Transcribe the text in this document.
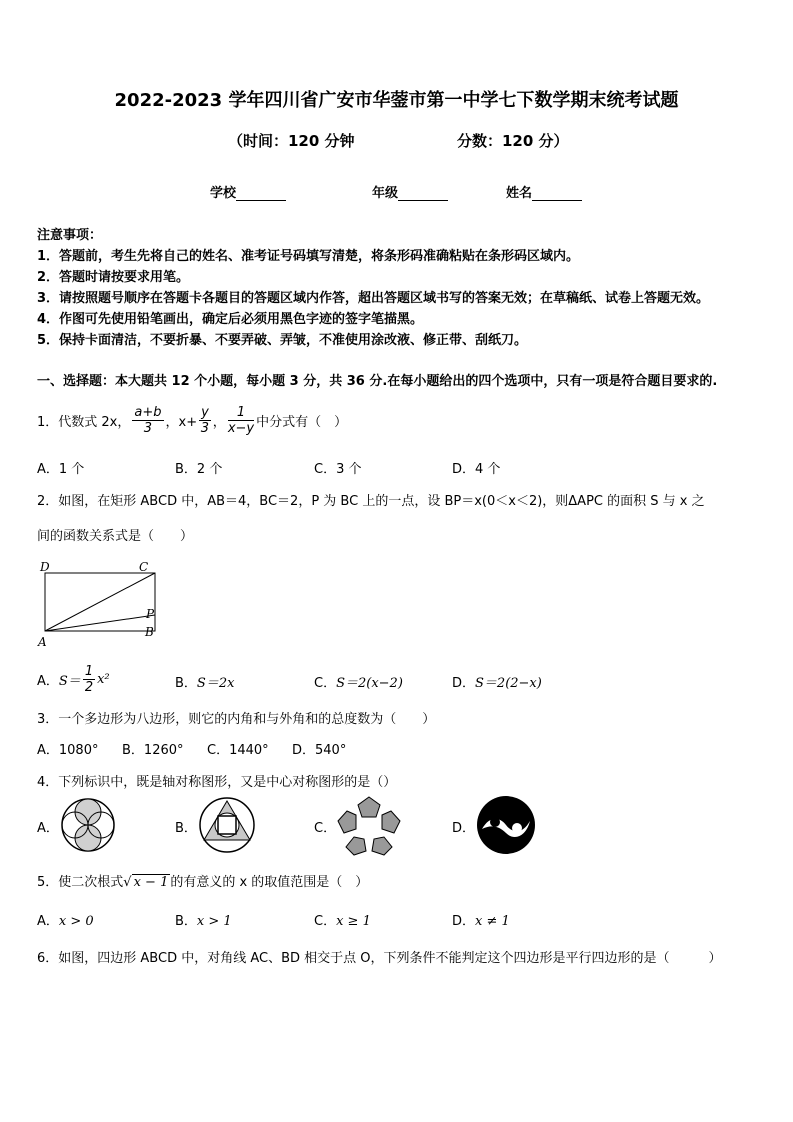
2022-2023 学年四川省广安市华蓥市第一中学七下数学期末统考试题
（时间：120 分钟	分数：120 分）
学校	年级	姓名
注意事项：
1．答题前，考生先将自己的姓名、准考证号码填写清楚，将条形码准确粘贴在条形码区域内。
2．答题时请按要求用笔。
3．请按照题号顺序在答题卡各题目的答题区域内作答，超出答题区域书写的答案无效；在草稿纸、试卷上答题无效。
4．作图可先使用铅笔画出，确定后必须用黑色字迹的签字笔描黑。
5．保持卡面清洁，不要折暴、不要弄破、弄皱，不准使用涂改液、修正带、刮纸刀。
一、选择题：本大题共 12 个小题，每小题 3 分，共 36 分.在每小题给出的四个选项中，只有一项是符合题目要求的.
1．代数式 2x， $\frac{a+b}{3}$ ，$x+ \frac{y}{3}$ ， $\frac{1}{x-y}$ 中分式有（　）
A．1 个	B．2 个	C．3 个	D．4 个
2．如图，在矩形 ABCD 中，AB＝4，BC＝2，P 为 BC 上的一点，设 BP＝x(0＜x＜2)，则ΔAPC 的面积 S 与 x 之
间的函数关系式是（　　）
D	C
P
A
B
A． $S= \frac{1}{2} x^2$	B．S＝2x	C．S＝2(x−2)	D．S＝2(2−x)
3．一个多边形为八边形，则它的内角和与外角和的总度数为（　　）
A．1080° B．1260° C．1440° D．540°
4．下列标识中，既是轴对称图形，又是中心对称图形的是（）
A．	B．	C．	D．
5．使二次根式√ x − 1 的有意义的 x 的取值范围是（　）
A．x > 0	B．x > 1	C．x ≥ 1	D．x ≠ 1
6．如图，四边形 ABCD 中，对角线 AC、BD 相交于点 O，下列条件不能判定这个四边形是平行四边形的是（　　　）
